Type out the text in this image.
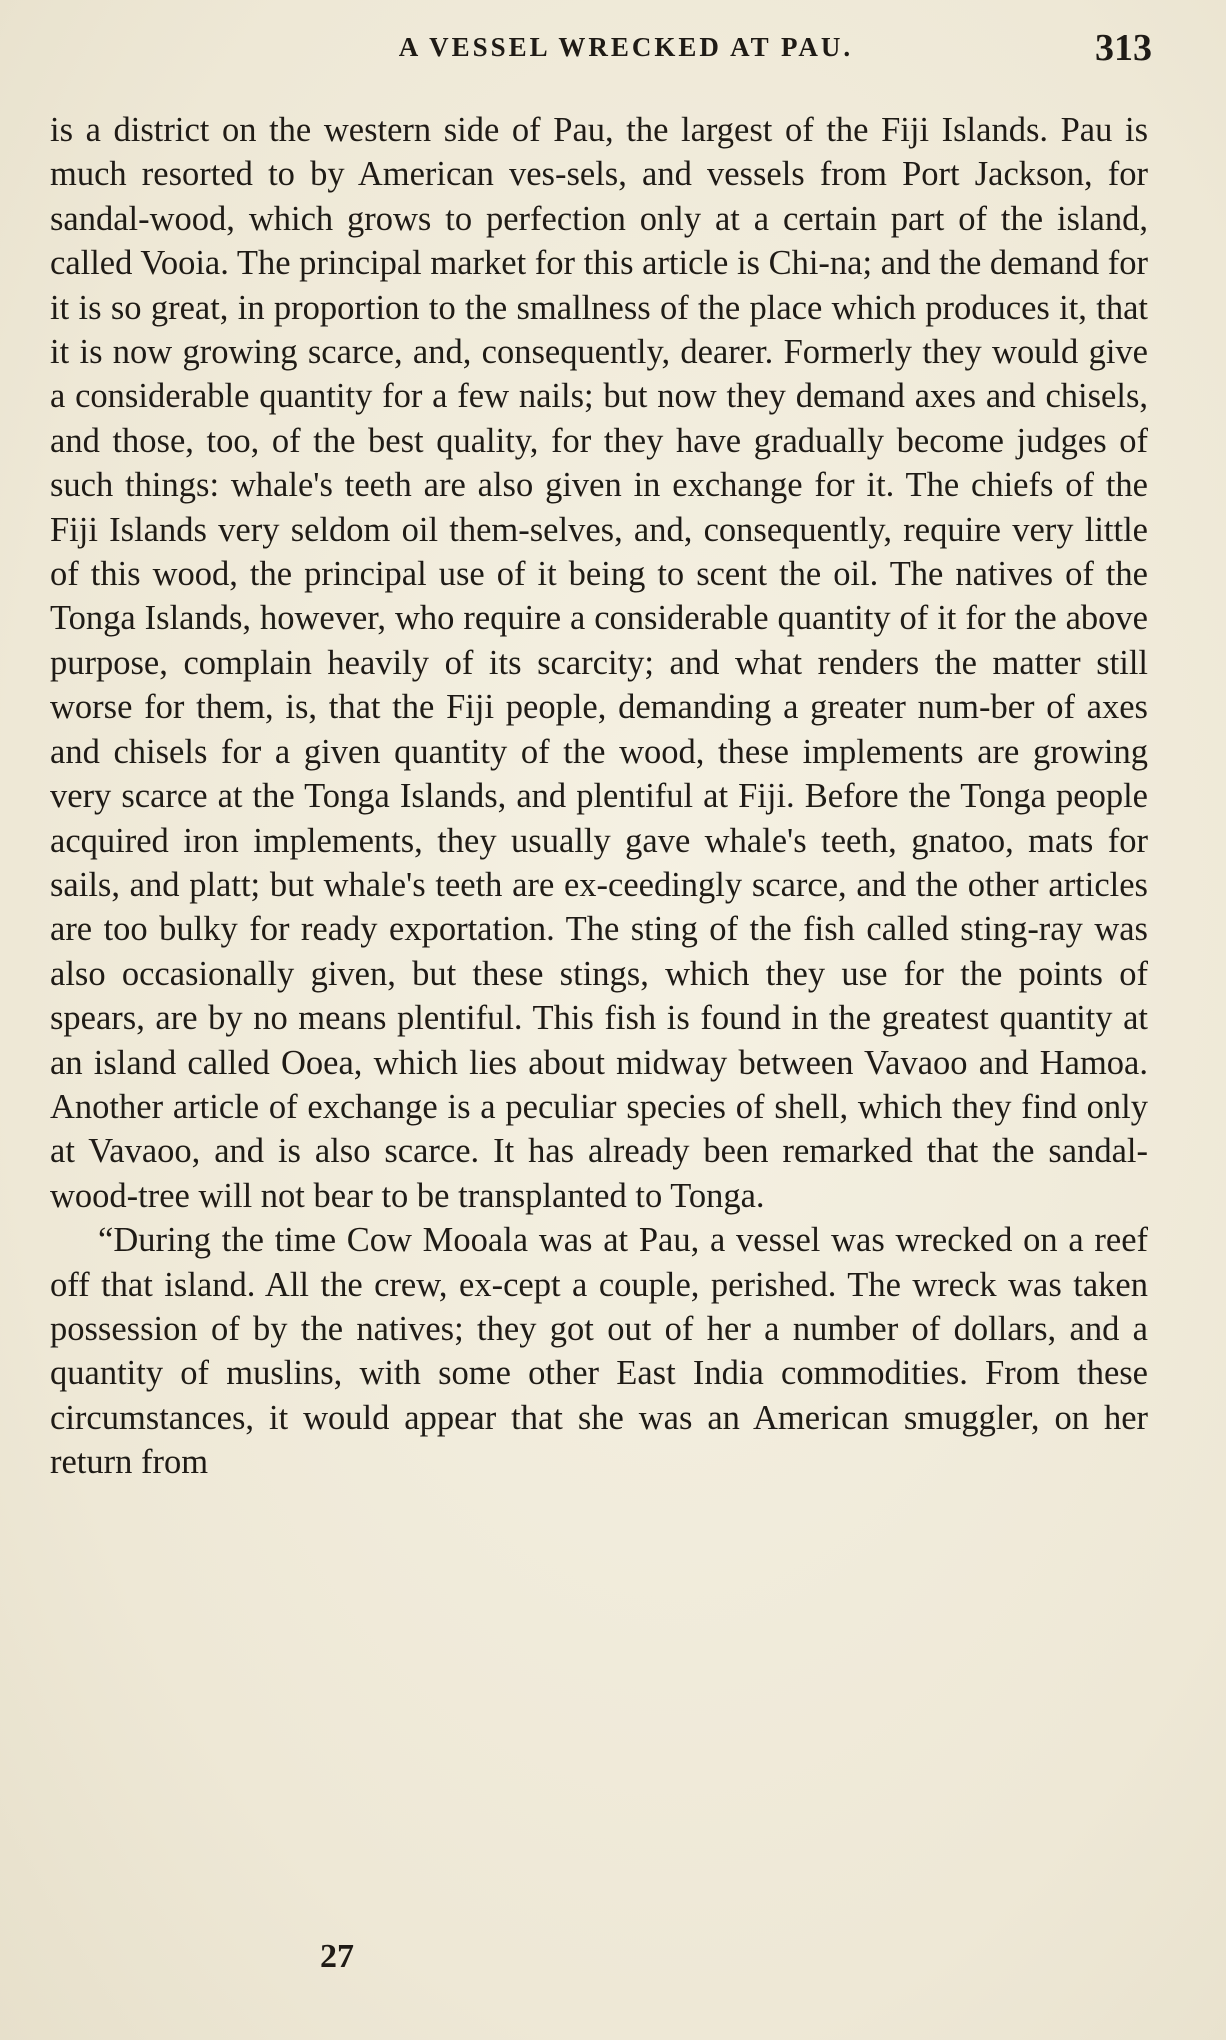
A VESSEL WRECKED AT PAU.	313

is a district on the western side of Pau, the largest of the Fiji Islands. Pau is much resorted to by American ves-sels, and vessels from Port Jackson, for sandal-wood, which grows to perfection only at a certain part of the island, called Vooia. The principal market for this article is Chi-na; and the demand for it is so great, in proportion to the smallness of the place which produces it, that it is now growing scarce, and, consequently, dearer. Formerly they would give a considerable quantity for a few nails; but now they demand axes and chisels, and those, too, of the best quality, for they have gradually become judges of such things: whale's teeth are also given in exchange for it. The chiefs of the Fiji Islands very seldom oil them-selves, and, consequently, require very little of this wood, the principal use of it being to scent the oil. The natives of the Tonga Islands, however, who require a considerable quantity of it for the above purpose, complain heavily of its scarcity; and what renders the matter still worse for them, is, that the Fiji people, demanding a greater num-ber of axes and chisels for a given quantity of the wood, these implements are growing very scarce at the Tonga Islands, and plentiful at Fiji. Before the Tonga people acquired iron implements, they usually gave whale's teeth, gnatoo, mats for sails, and platt; but whale's teeth are ex-ceedingly scarce, and the other articles are too bulky for ready exportation. The sting of the fish called sting-ray was also occasionally given, but these stings, which they use for the points of spears, are by no means plentiful. This fish is found in the greatest quantity at an island called Ooea, which lies about midway between Vavaoo and Hamoa. Another article of exchange is a peculiar species of shell, which they find only at Vavaoo, and is also scarce. It has already been remarked that the sandal-wood-tree will not bear to be transplanted to Tonga.

“During the time Cow Mooala was at Pau, a vessel was wrecked on a reef off that island. All the crew, ex-cept a couple, perished. The wreck was taken possession of by the natives; they got out of her a number of dollars, and a quantity of muslins, with some other East India commodities. From these circumstances, it would appear that she was an American smuggler, on her return from

27
